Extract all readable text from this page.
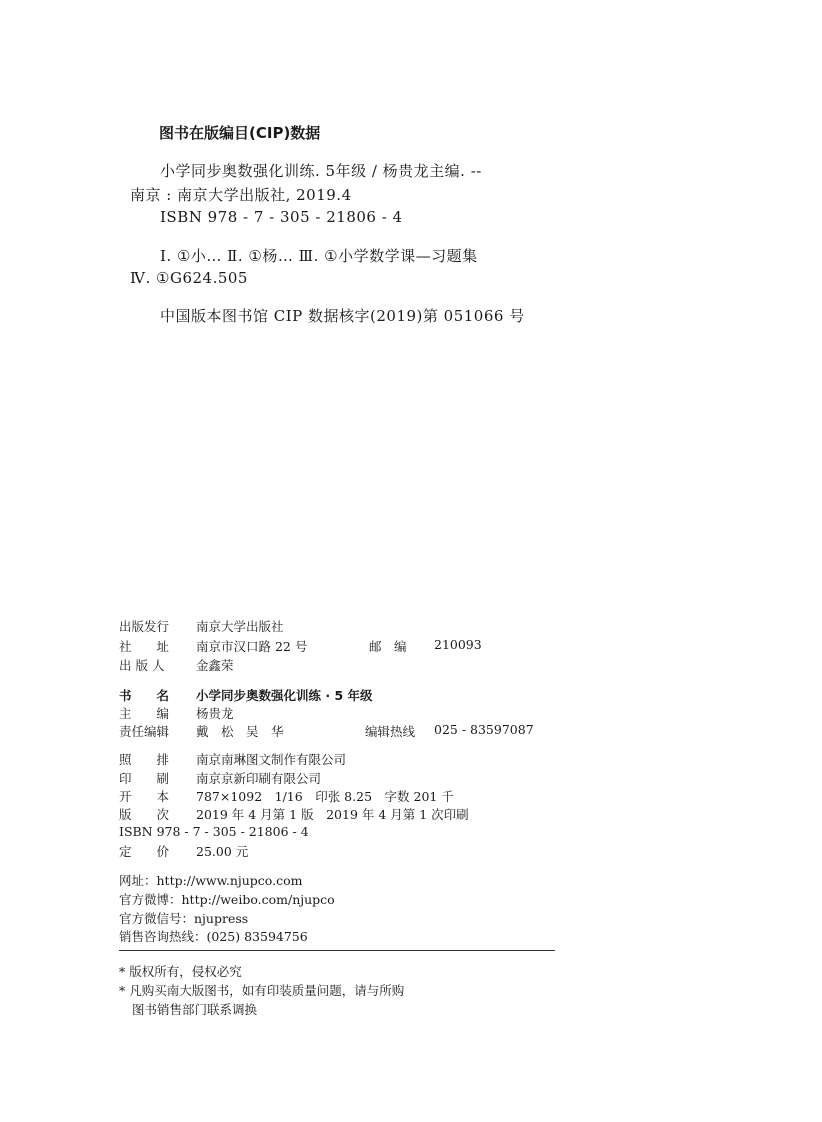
图书在版编目(CIP)数据
小学同步奥数强化训练. 5年级 / 杨贵龙主编. --
南京 : 南京大学出版社, 2019.4
ISBN 978 - 7 - 305 - 21806 - 4
Ⅰ. ①小… Ⅱ. ①杨… Ⅲ. ①小学数学课—习题集
Ⅳ. ①G624.505
中国版本图书馆 CIP 数据核字(2019)第 051066 号
出版发行 南京大学出版社
社　　址 南京市汉口路 22 号	邮　编 210093
出 版 人	金鑫荣
书　　名 小学同步奥数强化训练 · 5 年级
主　　编 杨贵龙
责任编辑 戴　松　吴　华	编辑热线 025 - 83597087
照　　排 南京南琳图文制作有限公司
印　　刷 南京京新印刷有限公司
开　　本 787×1092　1/16　印张 8.25　字数 201 千
版　　次 2019 年 4 月第 1 版　2019 年 4 月第 1 次印刷
ISBN 978 - 7 - 305 - 21806 - 4
定　　价 25.00 元
网址：http://www.njupco.com
官方微博：http://weibo.com/njupco
官方微信号：njupress
销售咨询热线：(025) 83594756
* 版权所有，侵权必究
* 凡购买南大版图书，如有印装质量问题，请与所购
图书销售部门联系调换
